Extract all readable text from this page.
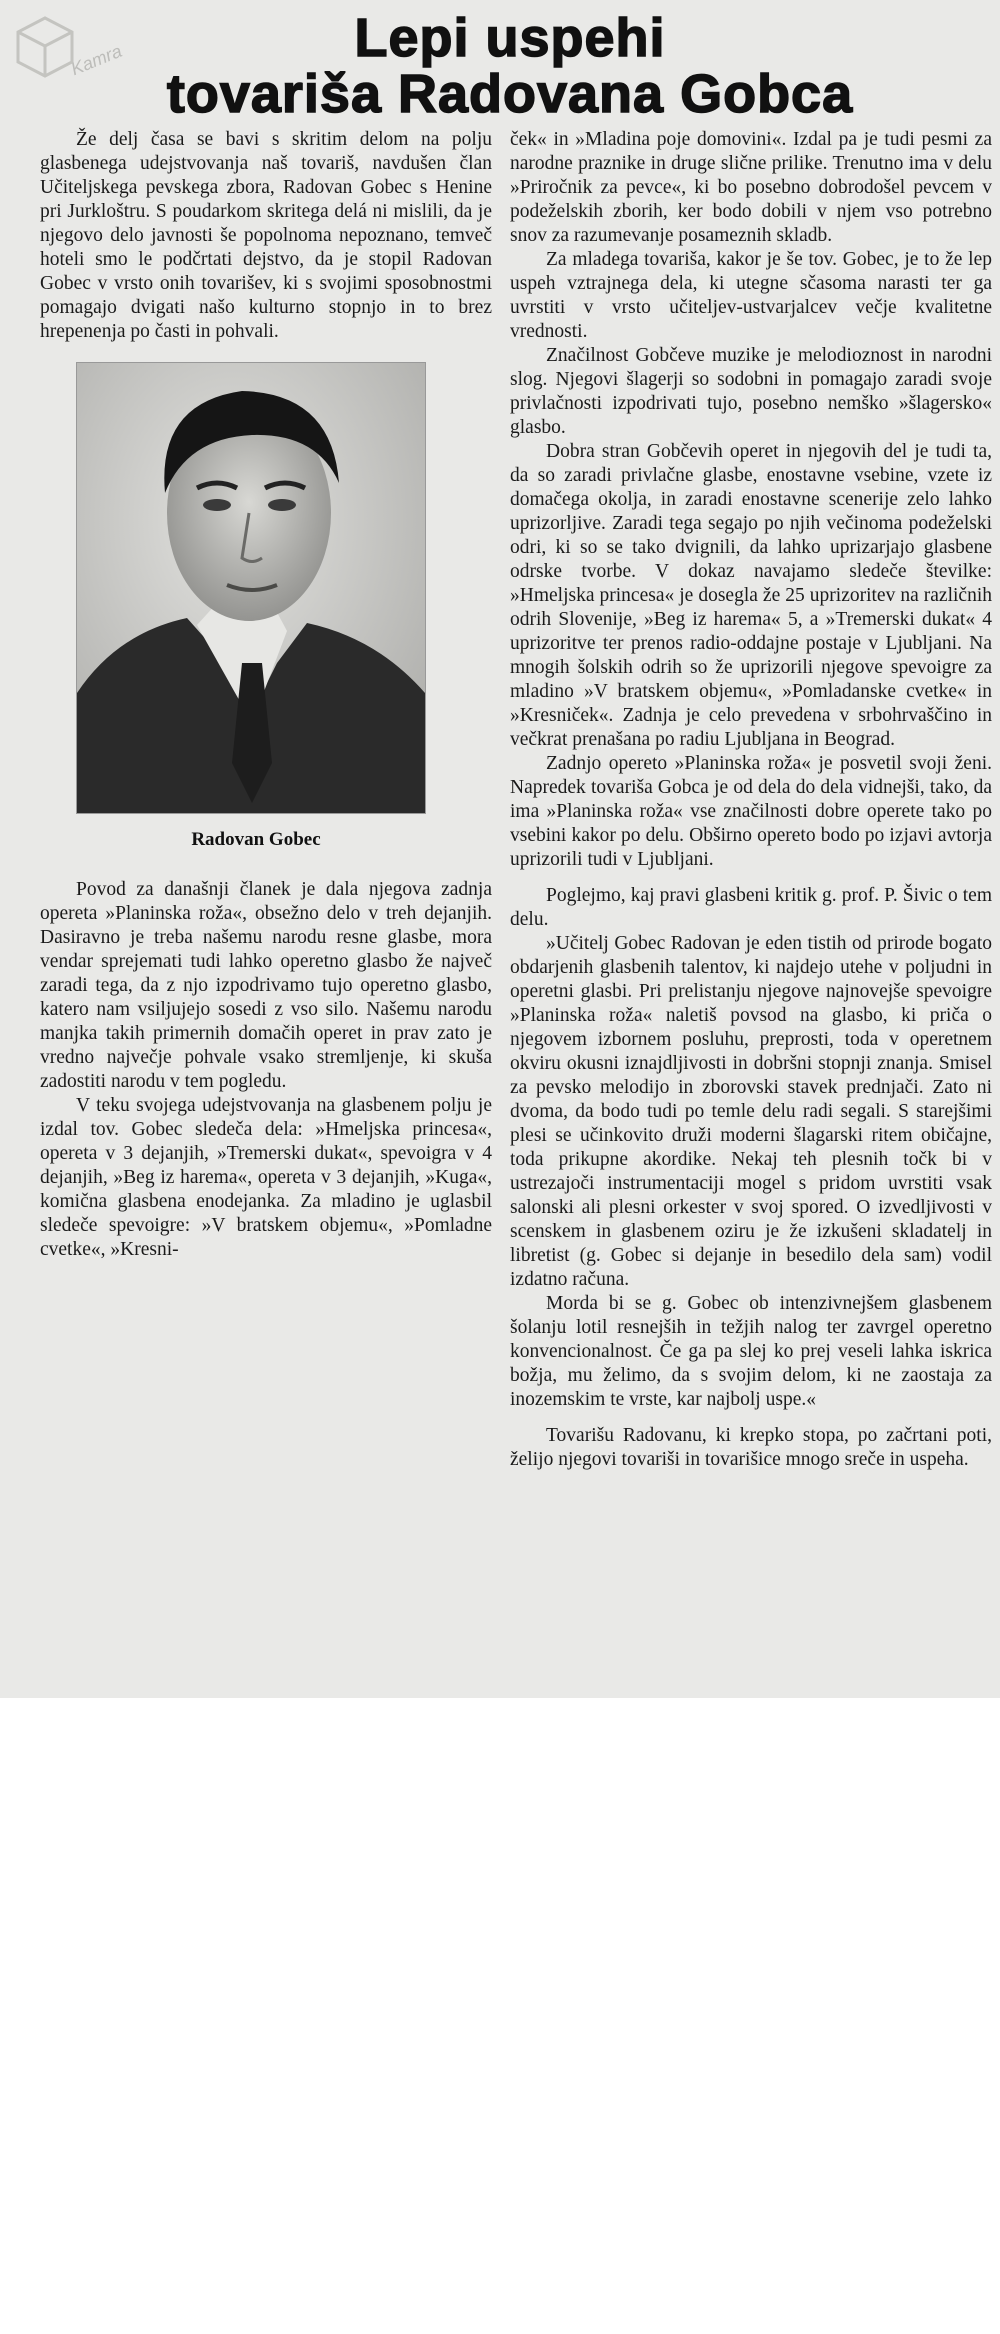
Kamra	Lepi uspehi
tovariša Radovana Gobca

Že delj časa se bavi s skritim delom na polju glasbenega udejstvovanja naš tovariš, navdušen član Učiteljskega pevskega zbora, Radovan Gobec s Henine pri Jurkloštru. S poudarkom skritega delá ni mislili, da je njegovo delo javnosti še popolnoma nepoznano, temveč hoteli smo le podčrtati dejstvo, da je stopil Radovan Gobec v vrsto onih tovarišev, ki s svojimi sposobnostmi pomagajo dvigati našo kulturno stopnjo in to brez hrepenenja po časti in pohvali.

Radovan Gobec

Povod za današnji članek je dala njegova zadnja opereta »Planinska roža«, obsežno delo v treh dejanjih. Dasiravno je treba našemu narodu resne glasbe, mora vendar sprejemati tudi lahko operetno glasbo že največ zaradi tega, da z njo izpodrivamo tujo operetno glasbo, katero nam vsiljujejo sosedi z vso silo. Našemu narodu manjka takih primernih domačih operet in prav zato je vredno največje pohvale vsako stremljenje, ki skuša zadostiti narodu v tem pogledu.

V teku svojega udejstvovanja na glasbenem polju je izdal tov. Gobec sledeča dela: »Hmeljska princesa«, opereta v 3 dejanjih, »Tremerski dukat«, spevoigra v 4 dejanjih, »Beg iz harema«, opereta v 3 dejanjih, »Kuga«, komična glasbena enodejanka. Za mladino je uglasbil sledeče spevoigre: »V bratskem objemu«, »Pomladne cvetke«, »Kresni-

ček« in »Mladina poje domovini«. Izdal pa je tudi pesmi za narodne praznike in druge slične prilike. Trenutno ima v delu »Priročnik za pevce«, ki bo posebno dobrodošel pevcem v podeželskih zborih, ker bodo dobili v njem vso potrebno snov za razumevanje posameznih skladb.

Za mladega tovariša, kakor je še tov. Gobec, je to že lep uspeh vztrajnega dela, ki utegne sčasoma narasti ter ga uvrstiti v vrsto učiteljev-ustvarjalcev večje kvalitetne vrednosti.

Značilnost Gobčeve muzike je melodioznost in narodni slog. Njegovi šlagerji so sodobni in pomagajo zaradi svoje privlačnosti izpodrivati tujo, posebno nemško »šlagersko« glasbo.

Dobra stran Gobčevih operet in njegovih del je tudi ta, da so zaradi privlačne glasbe, enostavne vsebine, vzete iz domačega okolja, in zaradi enostavne scenerije zelo lahko uprizorljive. Zaradi tega segajo po njih večinoma podeželski odri, ki so se tako dvignili, da lahko uprizarjajo glasbene odrske tvorbe. V dokaz navajamo sledeče številke: »Hmeljska princesa« je dosegla že 25 uprizoritev na različnih odrih Slovenije, »Beg iz harema« 5, a »Tremerski dukat« 4 uprizoritve ter prenos radio-oddajne postaje v Ljubljani. Na mnogih šolskih odrih so že uprizorili njegove spevoigre za mladino »V bratskem objemu«, »Pomladanske cvetke« in »Kresniček«. Zadnja je celo prevedena v srbohrvaščino in večkrat prenašana po radiu Ljubljana in Beograd.

Zadnjo opereto »Planinska roža« je posvetil svoji ženi. Napredek tovariša Gobca je od dela do dela vidnejši, tako, da ima »Planinska roža« vse značilnosti dobre operete tako po vsebini kakor po delu. Obširno opereto bodo po izjavi avtorja uprizorili tudi v Ljubljani.

Poglejmo, kaj pravi glasbeni kritik g. prof. P. Šivic o tem delu.

»Učitelj Gobec Radovan je eden tistih od prirode bogato obdarjenih glasbenih talentov, ki najdejo utehe v poljudni in operetni glasbi. Pri prelistanju njegove najnovejše spevoigre »Planinska roža« naletiš povsod na glasbo, ki priča o njegovem izbornem posluhu, preprosti, toda v operetnem okviru okusni iznajdljivosti in dobršni stopnji znanja. Smisel za pevsko melodijo in zborovski stavek prednjači. Zato ni dvoma, da bodo tudi po temle delu radi segali. S starejšimi plesi se učinkovito druži moderni šlagarski ritem običajne, toda prikupne akordike. Nekaj teh plesnih točk bi v ustrezajoči instrumentaciji mogel s pridom uvrstiti vsak salonski ali plesni orkester v svoj spored. O izvedljivosti v scenskem in glasbenem oziru je že izkušeni skladatelj in libretist (g. Gobec si dejanje in besedilo dela sam) vodil izdatno računa.

Morda bi se g. Gobec ob intenzivnejšem glasbenem šolanju lotil resnejših in težjih nalog ter zavrgel operetno konvencionalnost. Če ga pa slej ko prej veseli lahka iskrica božja, mu želimo, da s svojim delom, ki ne zaostaja za inozemskim te vrste, kar najbolj uspe.«

Tovarišu Radovanu, ki krepko stopa, po začrtani poti, želijo njegovi tovariši in tovarišice mnogo sreče in uspeha.
